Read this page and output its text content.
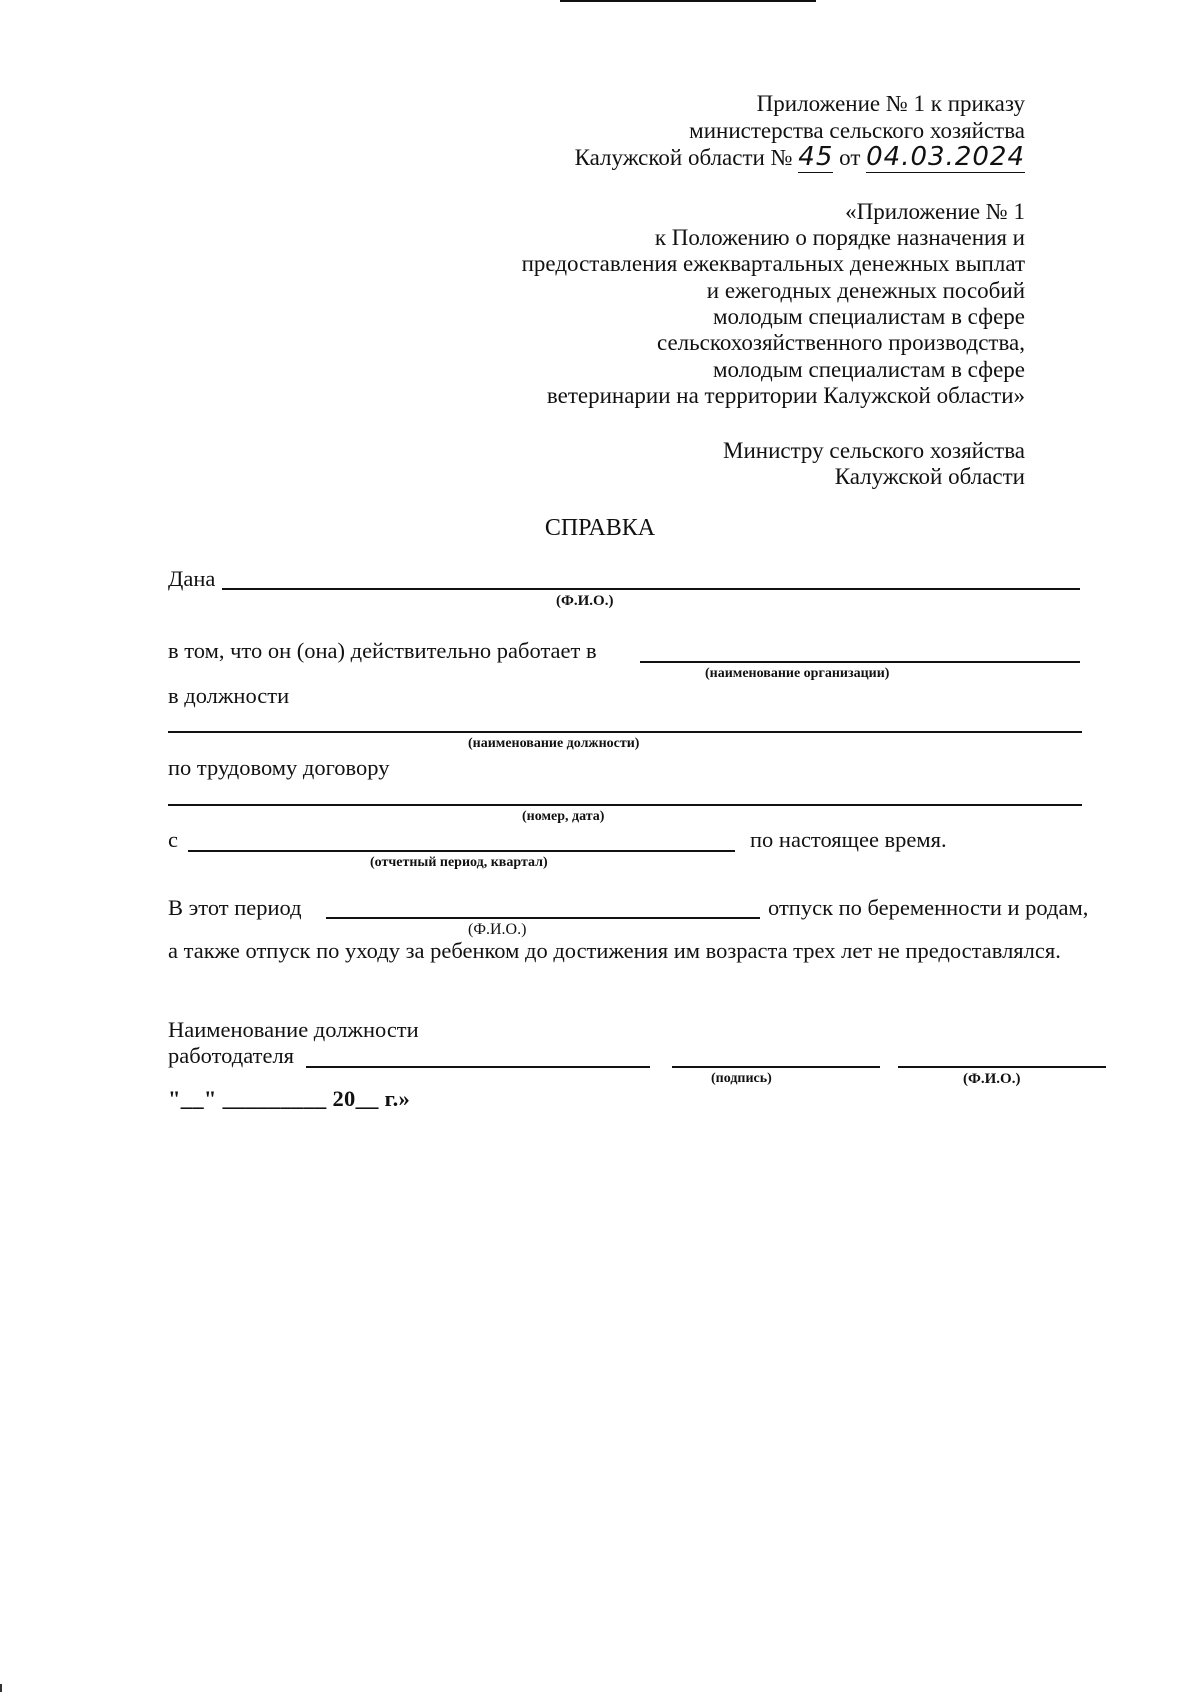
Приложение № 1 к приказу
министерства сельского хозяйства
Калужской области № 45 от 04.03.2024
«Приложение № 1
к Положению о порядке назначения и
предоставления ежеквартальных денежных выплат
и ежегодных денежных пособий
молодым специалистам в сфере
сельскохозяйственного производства,
молодым специалистам в сфере
ветеринарии на территории Калужской области»
Министру сельского хозяйства
Калужской области
СПРАВКА
Дана
(Ф.И.О.)
в том, что он (она) действительно работает в
(наименование организации)
в должности
(наименование должности)
по трудовому договору
(номер, дата)
с	по настоящее время.
(отчетный период, квартал)
В этот период	отпуск по беременности и родам,
(Ф.И.О.)
а также отпуск по уходу за ребенком до достижения им возраста трех лет не предоставлялся.
Наименование должности
работодателя
(подпись)	(Ф.И.О.)
"__" _________ 20__ г.»
